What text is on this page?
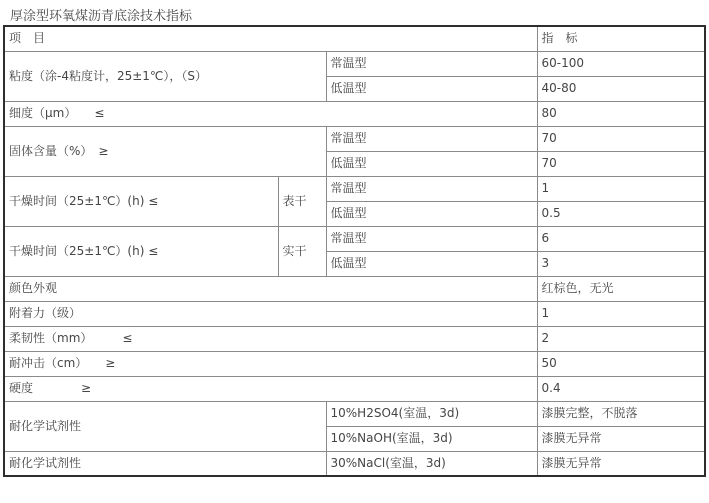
厚涂型环氧煤沥青底涂技术指标
项　目			指　标
粘度（涂-4粘度计，25±1℃），（S）		常温型	60-100
		低温型	40-80
细度（μm）　　≤			80
固体含量（%）　≥		常温型	70
		低温型	70
干燥时间（25±1℃）(h) ≤	表干	常温型	1
		低温型	0.5
干燥时间（25±1℃）(h) ≤	实干	常温型	6
		低温型	3
颜色外观			红棕色，无光
附着力（级）			1
柔韧性（mm）　　　≤			2
耐冲击（cm）　　≥			50
硬度　　　　≥			0.4
耐化学试剂性		10%H2SO4(室温，3d)	漆膜完整，不脱落
		10%NaOH(室温，3d)	漆膜无异常
耐化学试剂性		30%NaCl(室温，3d)	漆膜无异常
